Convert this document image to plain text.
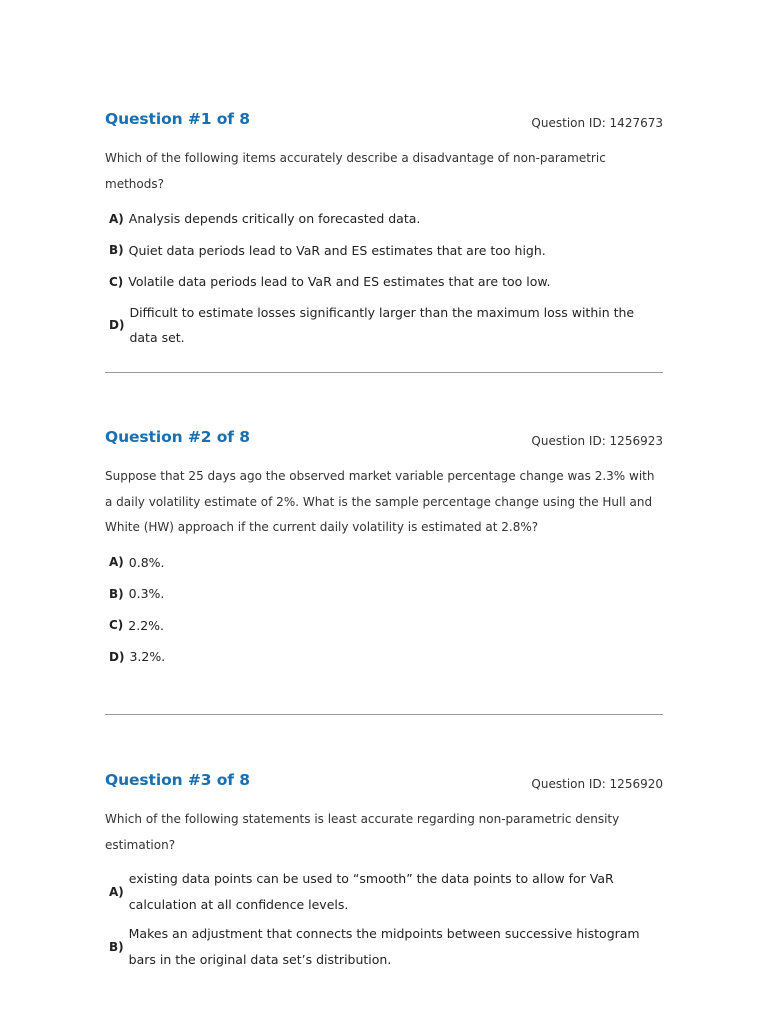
Question #1 of 8	Question ID: 1427673
Which of the following items accurately describe a disadvantage of non-parametric methods?
A) Analysis depends critically on forecasted data.
B) Quiet data periods lead to VaR and ES estimates that are too high.
C) Volatile data periods lead to VaR and ES estimates that are too low.
D)
Difficult to estimate losses significantly larger than the maximum loss within the data set.
Question #2 of 8	Question ID: 1256923
Suppose that 25 days ago the observed market variable percentage change was 2.3% with a daily volatility estimate of 2%. What is the sample percentage change using the Hull and White (HW) approach if the current daily volatility is estimated at 2.8%?
A) 0.8%.
B) 0.3%.
C) 2.2%.
D) 3.2%.
Question #3 of 8	Question ID: 1256920
Which of the following statements is least accurate regarding non-parametric density estimation?
A)
existing data points can be used to “smooth” the data points to allow for VaR calculation at all confidence levels.
B)
Makes an adjustment that connects the midpoints between successive histogram bars in the original data set’s distribution.
